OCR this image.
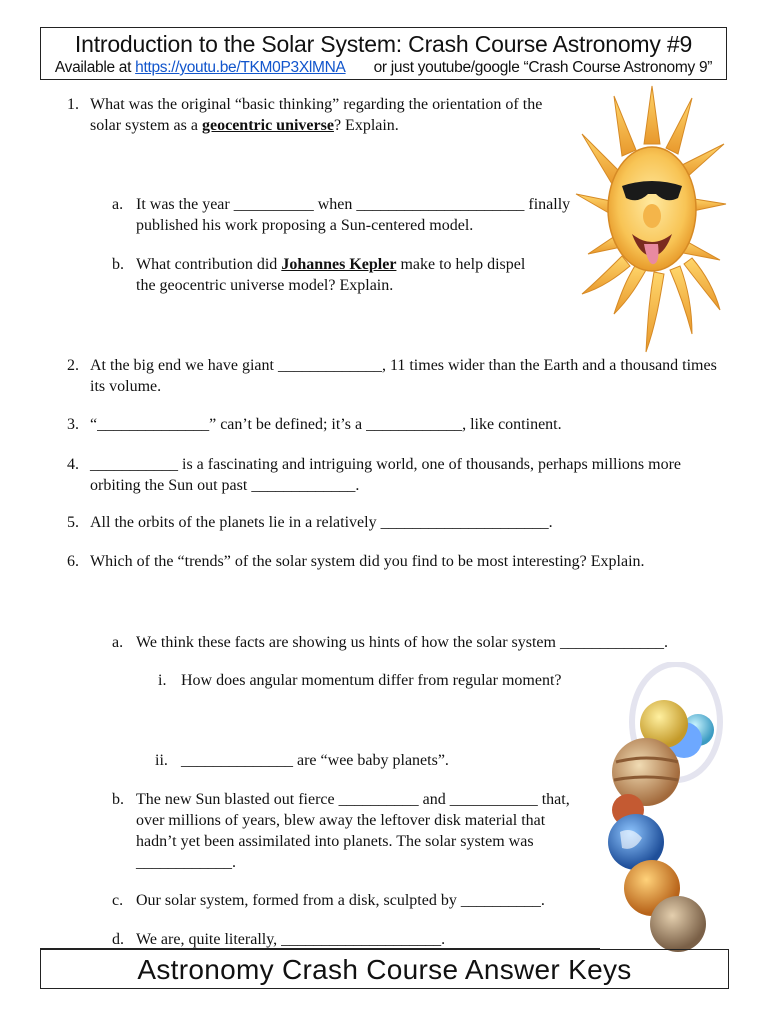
Introduction to the Solar System: Crash Course Astronomy #9
Available at https://youtu.be/TKM0P3XlMNA or just youtube/google “Crash Course Astronomy 9”
1. What was the original “basic thinking” regarding the orientation of the solar system as a geocentric universe? Explain.
a. It was the year __________ when _____________________ finally published his work proposing a Sun-centered model.
b. What contribution did Johannes Kepler make to help dispel the geocentric universe model? Explain.
2. At the big end we have giant _____________, 11 times wider than the Earth and a thousand times its volume.
3. “______________” can’t be defined; it’s a ____________, like continent.
4. ___________ is a fascinating and intriguing world, one of thousands, perhaps millions more orbiting the Sun out past _____________.
5. All the orbits of the planets lie in a relatively _____________________.
6. Which of the “trends” of the solar system did you find to be most interesting? Explain.
a. We think these facts are showing us hints of how the solar system _____________.
i. How does angular momentum differ from regular moment?
ii. ______________ are “wee baby planets”.
b. The new Sun blasted out fierce __________ and ___________ that, over millions of years, blew away the leftover disk material that hadn’t yet been assimilated into planets. The solar system was ____________.
c. Our solar system, formed from a disk, sculpted by __________.
d. We are, quite literally, ____________________.
Astronomy Crash Course Answer Keys
